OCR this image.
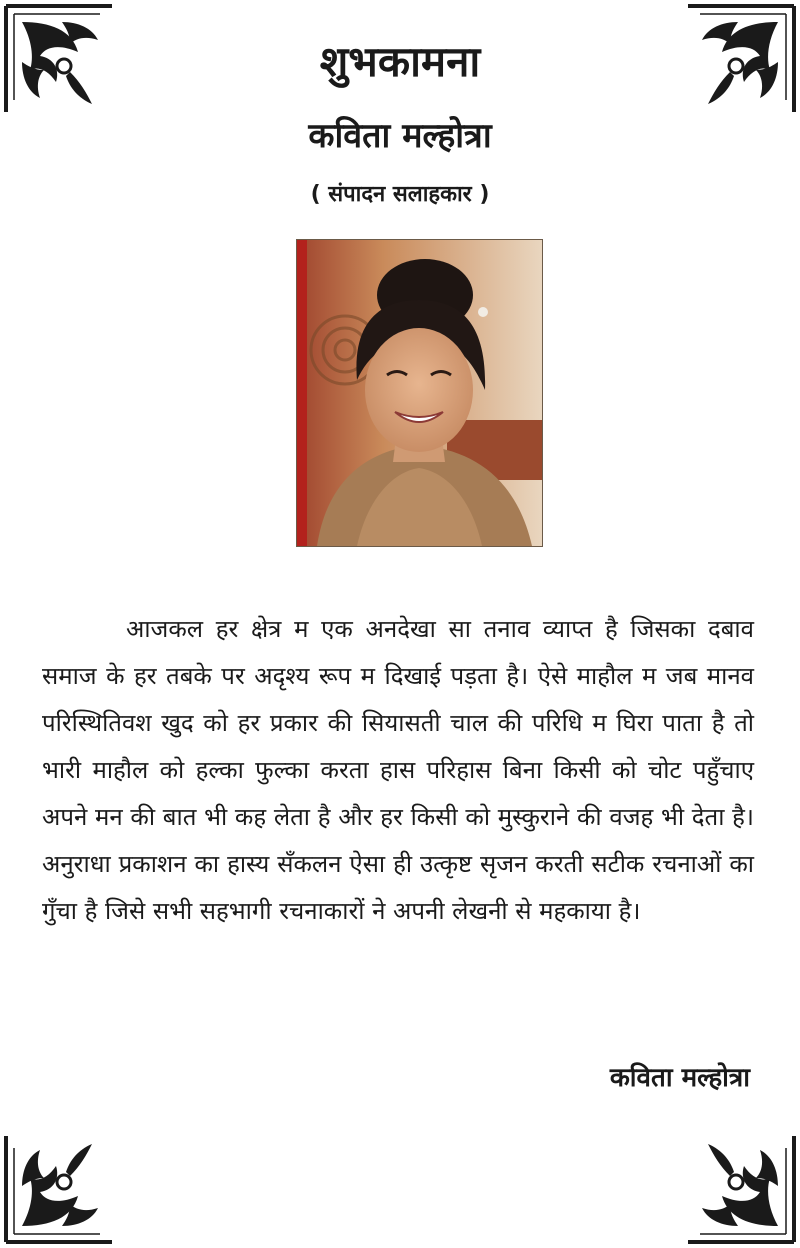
शुभकामना
कविता मल्होत्रा
( संपादन सलाहकार )

आजकल हर क्षेत्र म एक अनदेखा सा तनाव व्याप्त है जिसका दबाव समाज के हर तबके पर अदृश्य रूप म दिखाई पड़ता है। ऐसे माहौल म जब मानव परिस्थितिवश खुद को हर प्रकार की सियासती चाल की परिधि म घिरा पाता है तो भारी माहौल को हल्का फुल्का करता हास परिहास बिना किसी को चोट पहुँचाए अपने मन की बात भी कह लेता है और हर किसी को मुस्कुराने की वजह भी देता है। अनुराधा प्रकाशन का हास्य सँकलन ऐसा ही उत्कृष्ट सृजन करती सटीक रचनाओं का गुँचा है जिसे सभी सहभागी रचनाकारों ने अपनी लेखनी से महकाया है।

कविता मल्होत्रा
